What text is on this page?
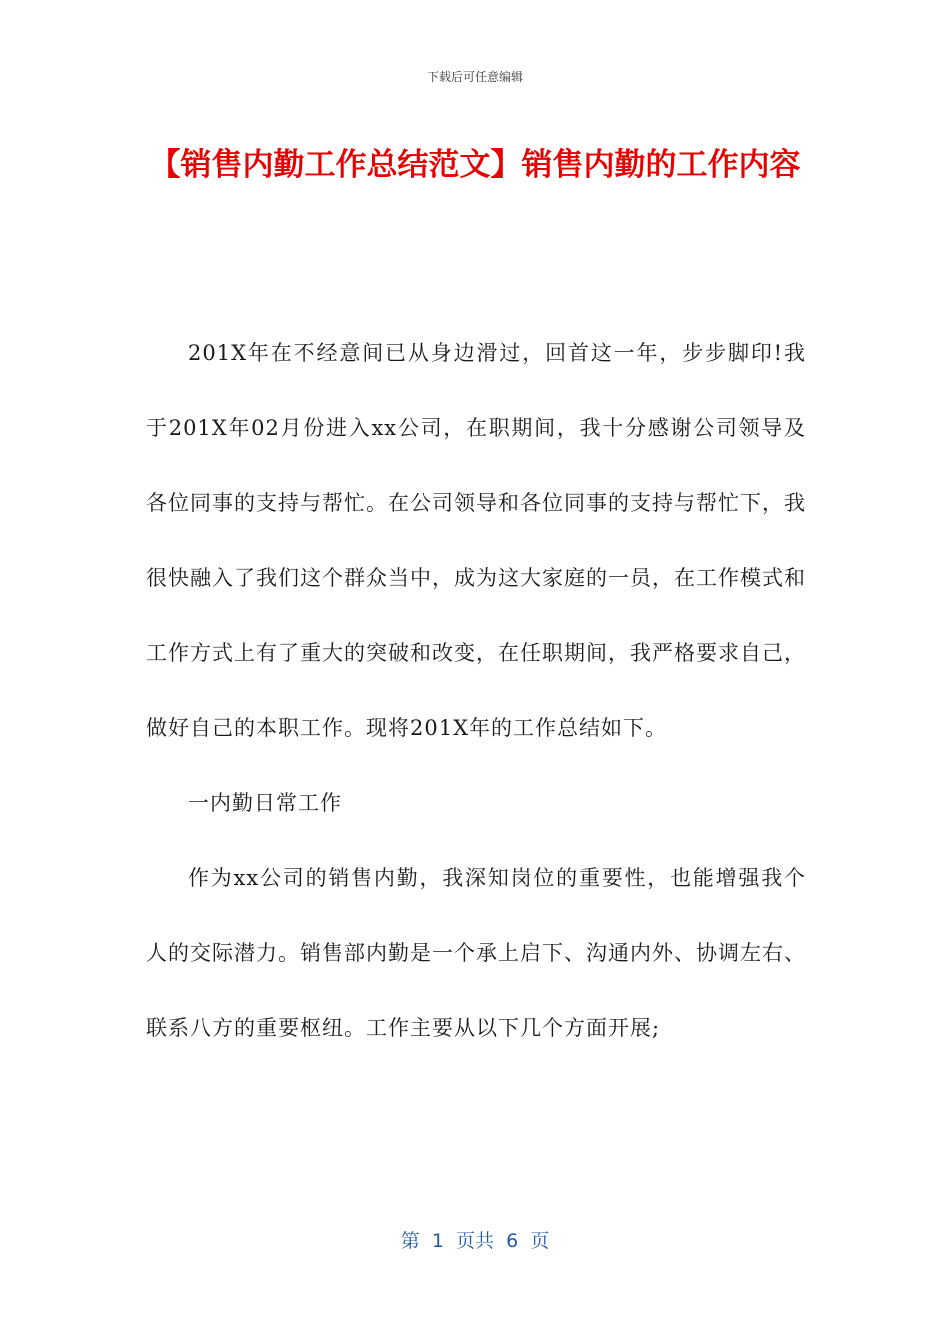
下载后可任意编辑
【销售内勤工作总结范文】销售内勤的工作内容

201X年在不经意间已从身边滑过，回首这一年，步步脚印!我于201X年02月份进入xx公司，在职期间，我十分感谢公司领导及各位同事的支持与帮忙。在公司领导和各位同事的支持与帮忙下，我很快融入了我们这个群众当中，成为这大家庭的一员，在工作模式和工作方式上有了重大的突破和改变，在任职期间，我严格要求自己，做好自己的本职工作。现将201X年的工作总结如下。

一内勤日常工作

作为xx公司的销售内勤，我深知岗位的重要性，也能增强我个人的交际潜力。销售部内勤是一个承上启下、沟通内外、协调左右、联系八方的重要枢纽。工作主要从以下几个方面开展;

第  1  页共  6  页
